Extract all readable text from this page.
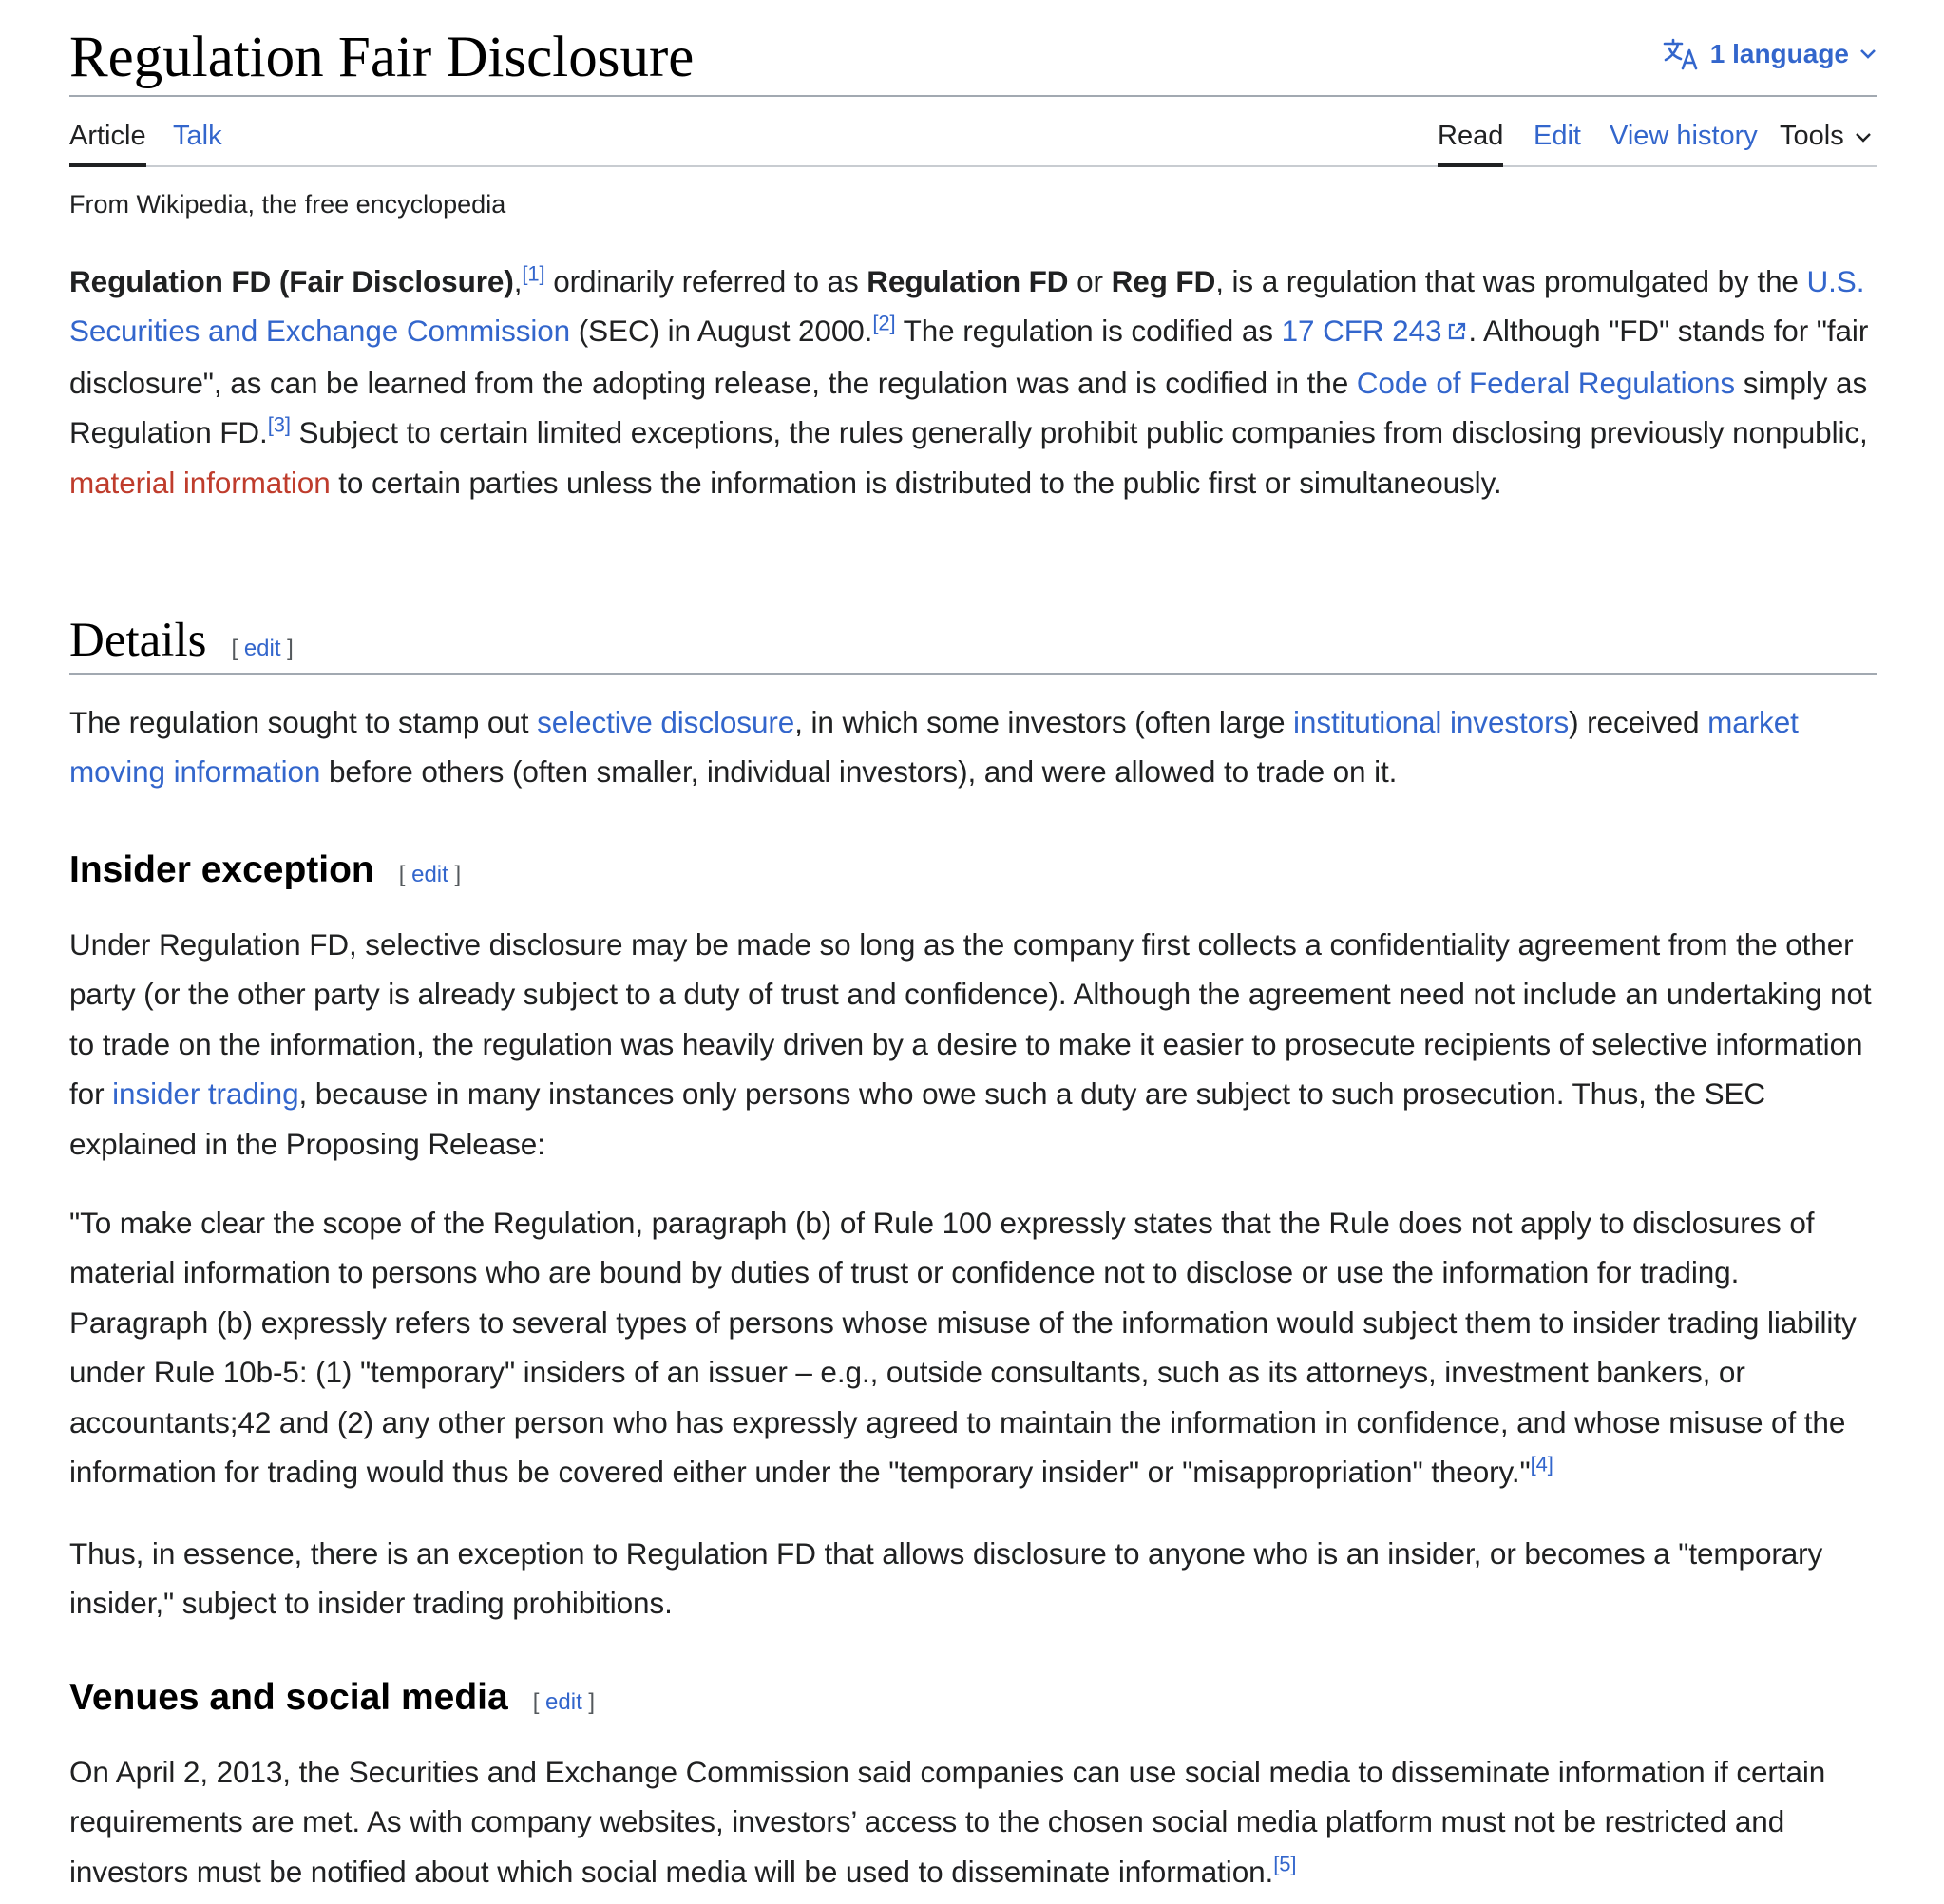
Regulation Fair Disclosure	1 language
Article Talk	Read Edit View history Tools
From Wikipedia, the free encyclopedia

Regulation FD (Fair Disclosure),[1] ordinarily referred to as Regulation FD or Reg FD, is a regulation that was promulgated by the U.S. Securities and Exchange Commission (SEC) in August 2000.[2] The regulation is codified as 17 CFR 243 . Although "FD" stands for "fair disclosure", as can be learned from the adopting release, the regulation was and is codified in the Code of Federal Regulations simply as Regulation FD.[3] Subject to certain limited exceptions, the rules generally prohibit public companies from disclosing previously nonpublic, material information to certain parties unless the information is distributed to the public first or simultaneously.

Details [ edit ]

The regulation sought to stamp out selective disclosure, in which some investors (often large institutional investors) received market moving information before others (often smaller, individual investors), and were allowed to trade on it.

Insider exception [ edit ]

Under Regulation FD, selective disclosure may be made so long as the company first collects a confidentiality agreement from the other party (or the other party is already subject to a duty of trust and confidence). Although the agreement need not include an undertaking not to trade on the information, the regulation was heavily driven by a desire to make it easier to prosecute recipients of selective information for insider trading, because in many instances only persons who owe such a duty are subject to such prosecution. Thus, the SEC explained in the Proposing Release:

"To make clear the scope of the Regulation, paragraph (b) of Rule 100 expressly states that the Rule does not apply to disclosures of material information to persons who are bound by duties of trust or confidence not to disclose or use the information for trading. Paragraph (b) expressly refers to several types of persons whose misuse of the information would subject them to insider trading liability under Rule 10b-5: (1) "temporary" insiders of an issuer – e.g., outside consultants, such as its attorneys, investment bankers, or accountants;42 and (2) any other person who has expressly agreed to maintain the information in confidence, and whose misuse of the information for trading would thus be covered either under the "temporary insider" or "misappropriation" theory."[4]

Thus, in essence, there is an exception to Regulation FD that allows disclosure to anyone who is an insider, or becomes a "temporary insider," subject to insider trading prohibitions.

Venues and social media [ edit ]

On April 2, 2013, the Securities and Exchange Commission said companies can use social media to disseminate information if certain requirements are met. As with company websites, investors’ access to the chosen social media platform must not be restricted and investors must be notified about which social media will be used to disseminate information.[5]
